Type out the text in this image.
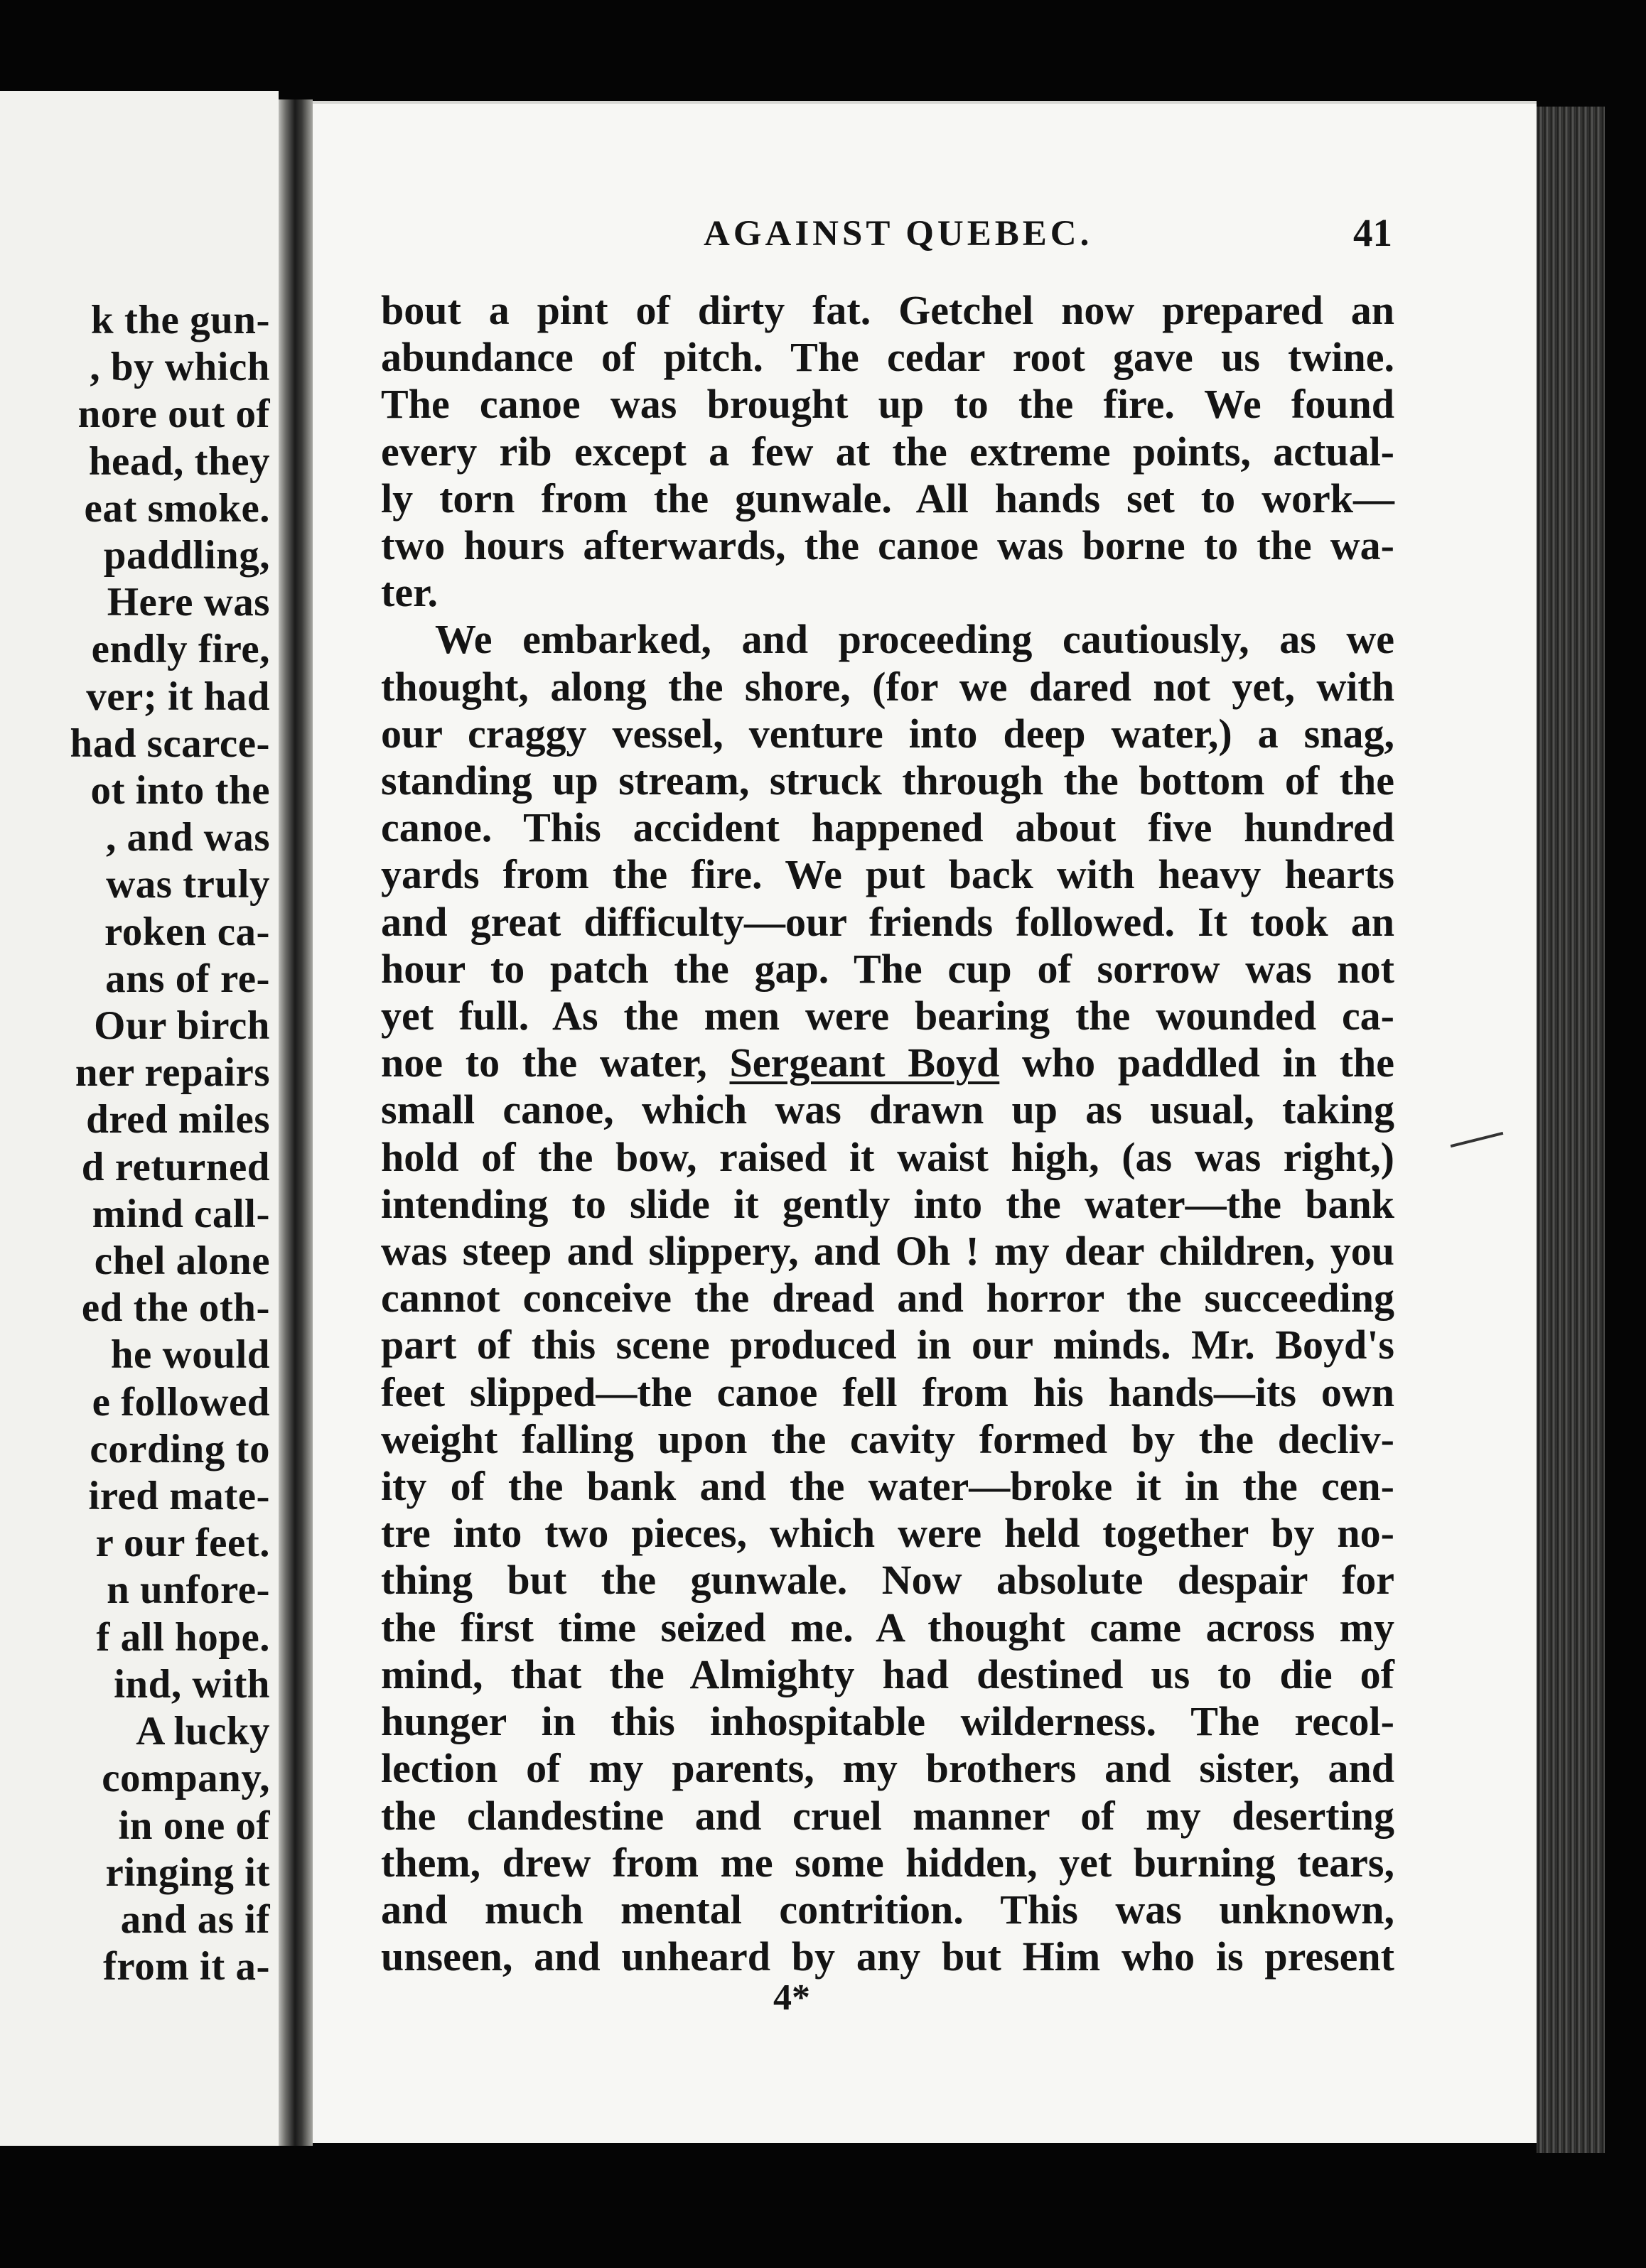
k the gun-
, by which
nore out of
head, they
eat smoke.
paddling,
Here was
endly fire,
ver; it had
had scarce-
ot into the
, and was
was truly
roken ca-
ans of re-
Our birch
ner repairs
dred miles
d returned
mind call-
chel alone
ed the oth-
he would
e followed
cording to
ired mate-
r our feet.
n unfore-
f all hope.
ind, with
A lucky
company,
in one of
ringing it
and as if
from it a-
AGAINST QUEBEC.	41
bout a pint of dirty fat. Getchel now prepared an
abundance of pitch. The cedar root gave us twine.
The canoe was brought up to the fire. We found
every rib except a few at the extreme points, actual-
ly torn from the gunwale. All hands set to work—
two hours afterwards, the canoe was borne to the wa-
ter.
We embarked, and proceeding cautiously, as we
thought, along the shore, (for we dared not yet, with
our craggy vessel, venture into deep water,) a snag,
standing up stream, struck through the bottom of the
canoe. This accident happened about five hundred
yards from the fire. We put back with heavy hearts
and great difficulty—our friends followed. It took an
hour to patch the gap. The cup of sorrow was not
yet full. As the men were bearing the wounded ca-
noe to the water, Sergeant Boyd who paddled in the
small canoe, which was drawn up as usual, taking
hold of the bow, raised it waist high, (as was right,)
intending to slide it gently into the water—the bank
was steep and slippery, and Oh ! my dear children, you
cannot conceive the dread and horror the succeeding
part of this scene produced in our minds. Mr. Boyd's
feet slipped—the canoe fell from his hands—its own
weight falling upon the cavity formed by the decliv-
ity of the bank and the water—broke it in the cen-
tre into two pieces, which were held together by no-
thing but the gunwale. Now absolute despair for
the first time seized me. A thought came across my
mind, that the Almighty had destined us to die of
hunger in this inhospitable wilderness. The recol-
lection of my parents, my brothers and sister, and
the clandestine and cruel manner of my deserting
them, drew from me some hidden, yet burning tears,
and much mental contrition. This was unknown,
unseen, and unheard by any but Him who is present

4*
